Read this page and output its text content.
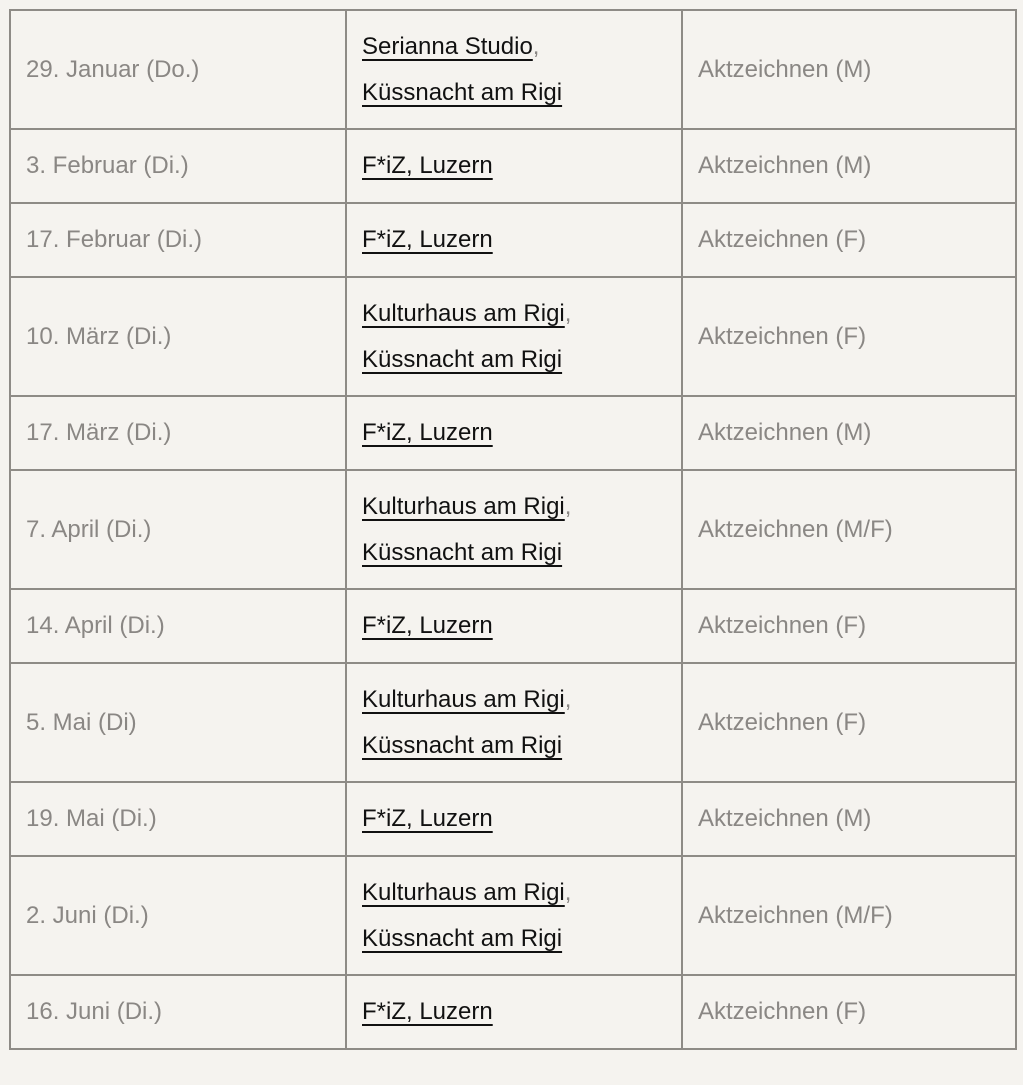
29. Januar (Do.)	Serianna Studio,
Küssnacht am Rigi	Aktzeichnen (M)
3. Februar (Di.)	F*iZ, Luzern	Aktzeichnen (M)
17. Februar (Di.)	F*iZ, Luzern	Aktzeichnen (F)
10. März (Di.)	Kulturhaus am Rigi,
Küssnacht am Rigi	Aktzeichnen (F)
17. März (Di.)	F*iZ, Luzern	Aktzeichnen (M)
7. April (Di.)	Kulturhaus am Rigi,
Küssnacht am Rigi	Aktzeichnen (M/F)
14. April (Di.)	F*iZ, Luzern	Aktzeichnen (F)
5. Mai (Di)	Kulturhaus am Rigi,
Küssnacht am Rigi	Aktzeichnen (F)
19. Mai (Di.)	F*iZ, Luzern	Aktzeichnen (M)
2. Juni (Di.)	Kulturhaus am Rigi,
Küssnacht am Rigi	Aktzeichnen (M/F)
16. Juni (Di.)	F*iZ, Luzern	Aktzeichnen (F)
